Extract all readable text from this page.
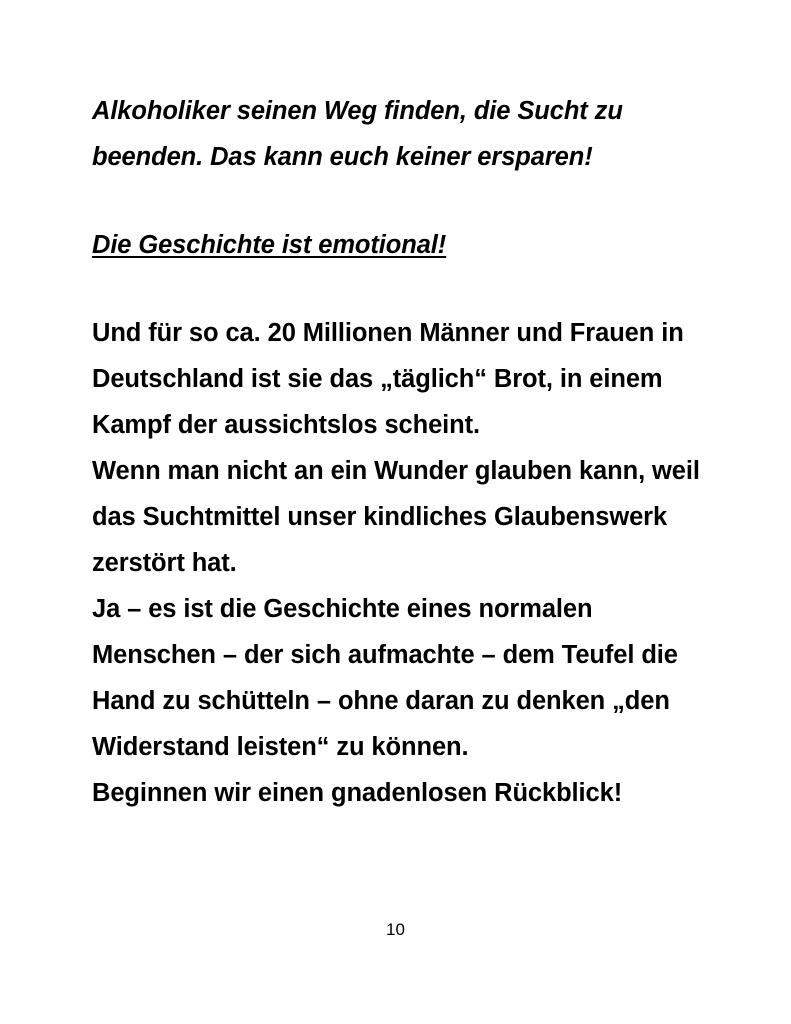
Alkoholiker seinen Weg finden, die Sucht zu beenden. Das kann euch keiner ersparen!

Die Geschichte ist emotional!

Und für so ca. 20 Millionen Männer und Frauen in Deutschland ist sie das „täglich“ Brot, in einem Kampf der aussichtslos scheint.

Wenn man nicht an ein Wunder glauben kann, weil das Suchtmittel unser kindliches Glaubenswerk zerstört hat.

Ja – es ist die Geschichte eines normalen Menschen – der sich aufmachte – dem Teufel die Hand zu schütteln – ohne daran zu denken „den Widerstand leisten“ zu können.

Beginnen wir einen gnadenlosen Rückblick!

10
